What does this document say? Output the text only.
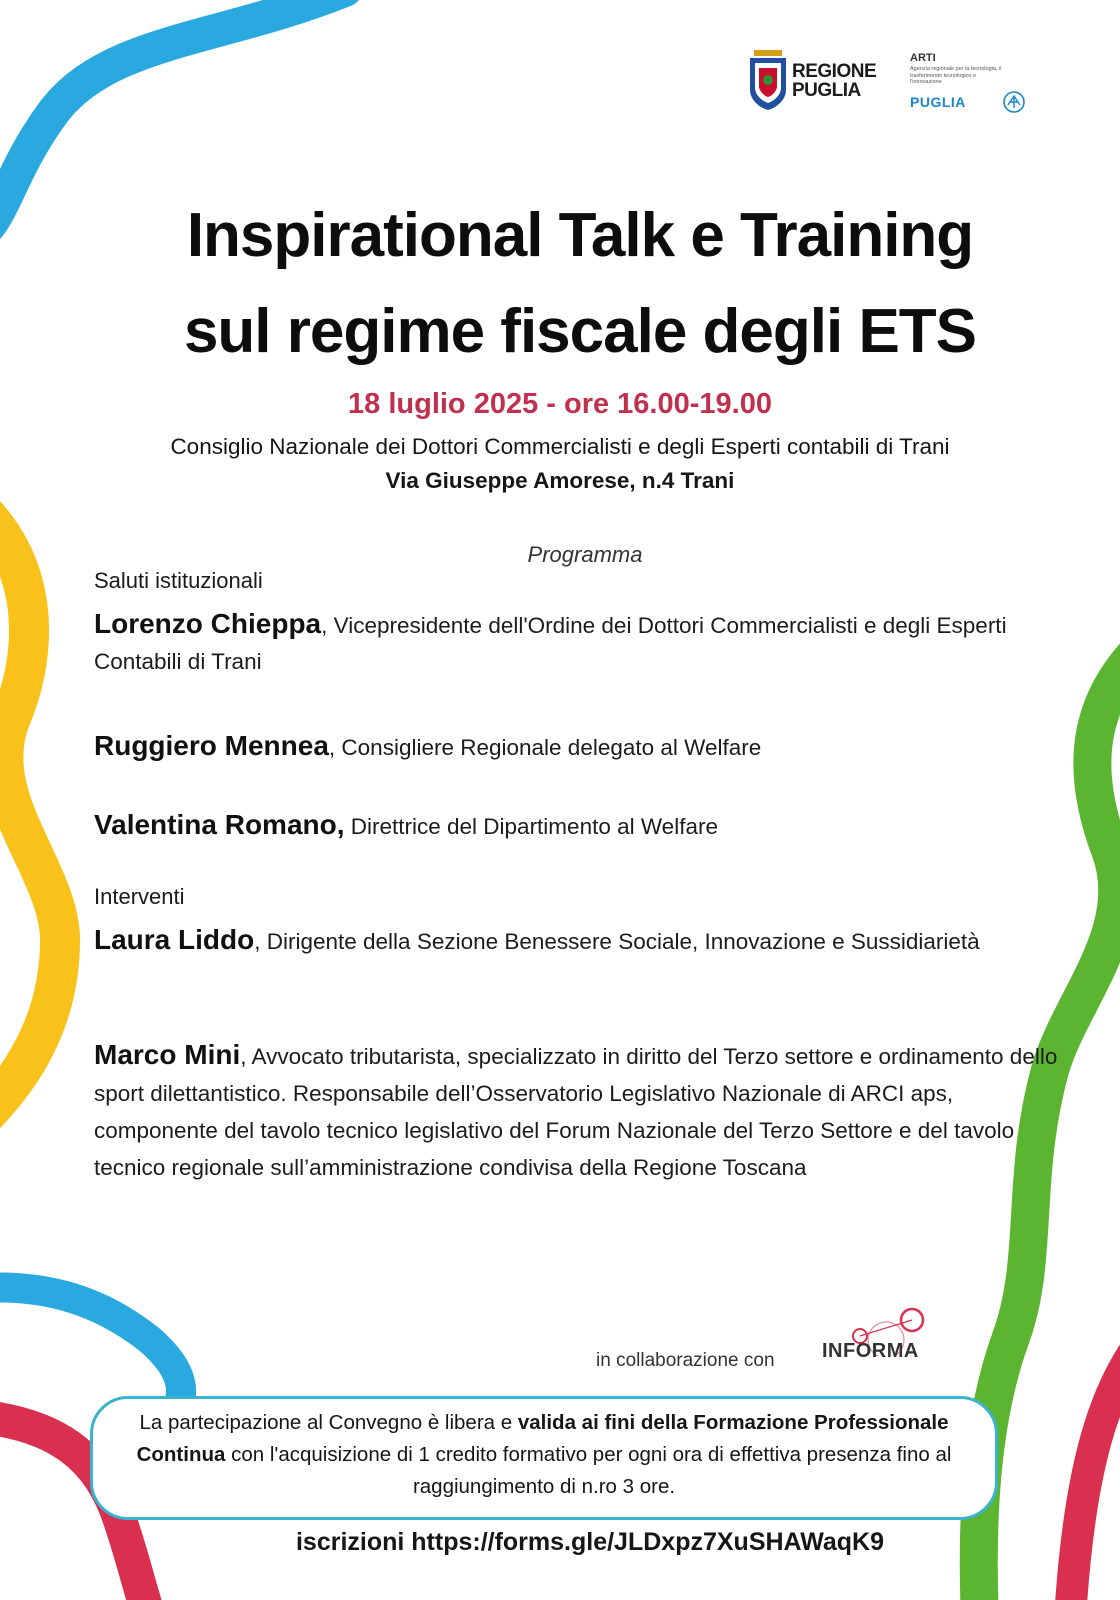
REGIONE PUGLIA
ARTI
Agenzia regionale per la tecnologia, il trasferimento tecnologico e l'innovazione
PUGLIA
Inspirational Talk e Training
sul regime fiscale degli ETS
18 luglio 2025 - ore 16.00-19.00
Consiglio Nazionale dei Dottori Commercialisti e degli Esperti contabili di Trani
Via Giuseppe Amorese, n.4 Trani
Programma
Saluti istituzionali

Lorenzo Chieppa, Vicepresidente dell'Ordine dei Dottori Commercialisti e degli Esperti Contabili di Trani

Ruggiero Mennea, Consigliere Regionale delegato al Welfare

Valentina Romano, Direttrice del Dipartimento al Welfare

Interventi

Laura Liddo, Dirigente della Sezione Benessere Sociale, Innovazione e Sussidiarietà

Marco Mini, Avvocato tributarista, specializzato in diritto del Terzo settore e ordinamento dello sport dilettantistico. Responsabile dell’Osservatorio Legislativo Nazionale di ARCI aps, componente del tavolo tecnico legislativo del Forum Nazionale del Terzo Settore e del tavolo tecnico regionale sull’amministrazione condivisa della Regione Toscana

in collaborazione con INFORMA
La partecipazione al Convegno è libera e valida ai fini della Formazione Professionale Continua con l'acquisizione di 1 credito formativo per ogni ora di effettiva presenza fino al raggiungimento di n.ro 3 ore.
iscrizioni https://forms.gle/JLDxpz7XuSHAWaqK9
